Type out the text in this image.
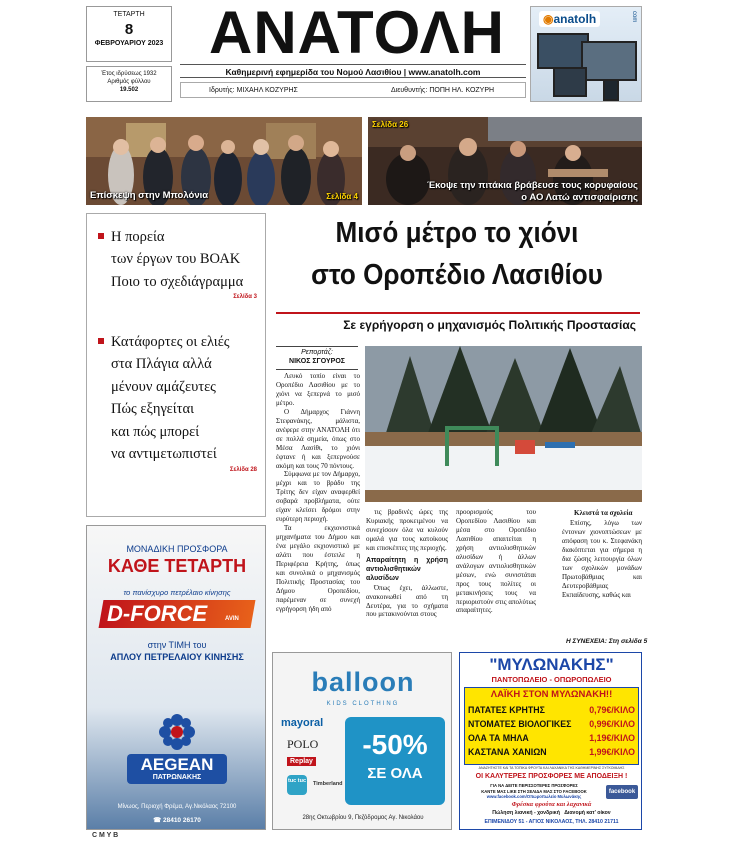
ΤΕΤΑΡΤΗ
8
ΦΕΒΡΟΥΑΡΙΟΥ 2023
Έτος ιδρύσεως 1932
Αριθμός φύλλου
19.502
ΑΝΑΤΟΛΗ
Καθημερινή εφημερίδα του Νομού Λασιθίου | www.anatolh.com
Ιδρυτής: ΜΙΧΑΗΛ ΚΟΖΥΡΗΣ	Διευθυντής: ΠΟΠΗ ΗΛ. ΚΟΖΥΡΗ
◉anatolh	com
Επίσκεψη στην Μπολόνια	Σελίδα 4
Σελίδα 26
Έκοψε την πιτάκια βράβευσε τους κορυφαίους
ο ΑΟ Λατώ αντισφαίρισης
Η πορεία
των έργων του ΒΟΑΚ
Ποιο το σχεδιάγραμμα
Σελίδα 3
Κατάφορτες οι ελιές
στα Πλάγια αλλά
μένουν αμάζευτες
Πώς εξηγείται
και πώς μπορεί
να αντιμετωπιστεί
Σελίδα 28
Μισό μέτρο το χιόνι
στο Οροπέδιο Λασιθίου
Σε εγρήγορση ο μηχανισμός Πολιτικής Προστασίας
Ρεπορτάζ:
ΝΙΚΟΣ ΣΓΟΥΡΟΣ

Λευκό τοπίο είναι το Οροπέδιο Λασιθίου με το χιόνι να ξεπερνά το μισό μέτρο.

Ο Δήμαρχος Γιάννη Στεφανάκης, μάλιστα, ανέφερε στην ΑΝΑΤΟΛΗ ότι σε πολλά σημεία, όπως στο Μέσα Λασίθι, το χιόνι έφτανε ή και ξεπερνούσε ακόμη και τους 70 πόντους.

Σύμφωνα με τον Δήμαρχο, μέχρι και το βράδυ της Τρίτης δεν είχαν αναφερθεί σοβαρά προβλήματα, ούτε είχαν κλείσει δρόμοι στην ευρύτερη περιοχή.

Τα εκχιονιστικά μηχανήματα του Δήμου και ένα μεγάλο εκχιονιστικό με αλάτι που έστειλε η Περιφέρεια Κρήτης, όπως και συνολικά ο μηχανισμός Πολιτικής Προστασίας του Δήμου Οροπεδίου, παρέμεναν σε συνεχή εγρήγορση ήδη από

τις βραδινές ώρες της Κυριακής προκειμένου να συνεχίσουν όλα να κυλούν ομαλά για τους κατοίκους και επισκέπτες της περιοχής.

Απαραίτητη η χρήση αντιολισθητικών αλυσίδων

Όπως έχει, άλλωστε, ανακοινωθεί από τη Δευτέρα, για το σχήματα που μετακινούνται στους

προορισμούς του Οροπεδίου Λασιθίου και μέσα στο Οροπέδιο Λασιθίου απαιτείται η χρήση αντιολισθητικών αλυσίδων ή άλλων ανάλογων αντιολισθητικών μέσων, ενώ συνιστάται προς τους πολίτες οι μετακινήσεις τους να περιοριστούν στις απολύτως απαραίτητες.

Κλειστά τα σχολεία

Επίσης, λόγω των έντονων χιονοπτώσεων με απόφαση του κ. Στεφανάκη διακόπτεται για σήμερα η δια ζώσης λειτουργία όλων των σχολικών μονάδων Πρωτοβάθμιας και Δευτεροβάθμιας Εκπαίδευσης, καθώς και

Η ΣΥΝΕΧΕΙΑ: Στη σελίδα 5
ΜΟΝΑΔΙΚΗ ΠΡΟΣΦΟΡΑ
ΚΑΘΕ ΤΕΤΑΡΤΗ
το πανίσχυρο πετρέλαιο κίνησης
D-FORCE	AVIN
στην ΤΙΜΗ του
ΑΠΛΟΥ ΠΕΤΡΕΛΑΙΟΥ ΚΙΝΗΣΗΣ
AEGEAN
ΠΑΤΡΩΝΑΚΗΣ
Μίνωος, Περιοχή Φρέμα, Αγ.Νικόλαος 72100
☎ 28410 26170
balloon
KIDS CLOTHING
mayoral
POLO
Replay
tuc tuc Timberland
-50%
ΣΕ ΟΛΑ
28ης Οκτωβρίου 9, Πεζόδρομος Αγ. Νικολάου
"ΜΥΛΩΝΑΚΗΣ"
ΠΑΝΤΟΠΩΛΕΙΟ - ΟΠΩΡΟΠΩΛΕΙΟ
ΛΑΪΚΗ ΣΤΟΝ ΜΥΛΩΝΑΚΗ!!
ΠΑΤΑΤΕΣ ΚΡΗΤΗΣ	0,79€/ΚΙΛΟ
ΝΤΟΜΑΤΕΣ ΒΙΟΛΟΓΙΚΕΣ 0,99€/ΚΙΛΟ
ΟΛΑ ΤΑ ΜΗΛΑ	1,19€/ΚΙΛΟ
ΚΑΣΤΑΝΑ ΧΑΝΙΩΝ	1,99€/ΚΙΛΟ
ΑΝΑΖΗΤΗΣΤΕ ΚΑΙ ΤΑ ΤΟΠΙΚΑ ΦΡΟΥΤΑ ΚΑΙ ΛΑΧΑΝΙΚΑ ΤΗΣ ΚΑΘΗΜΕΡΙΝΗΣ ΣΥΓΚΟΜΙΔΗΣ
ΟΙ ΚΑΛΥΤΕΡΕΣ ΠΡΟΣΦΟΡΕΣ ΜΕ ΑΠΟΔΕΙΞΗ !
ΓΙΑ ΝΑ ΔΕΙΤΕ ΠΕΡΙΣΣΟΤΕΡΕΣ ΠΡΟΣΦΟΡΕΣ
ΚΑΝΤΕ ΜΑΣ LIKE ΣΤΗ ΣΕΛΙΔΑ ΜΑΣ ΣΤΟ FACEBOOK
www.facebook.com/Οπωροπωλείο Μυλωνάκης
facebook
Φρέσκα φρούτα και λαχανικά
Πώληση λιανική - χονδρική Διανομή κατ' οίκον
ΕΠΙΜΕΝΙΔΟΥ 51 - ΑΓΙΟΣ ΝΙΚΟΛΑΟΣ, ΤΗΛ. 28410 21711
C M Y B
